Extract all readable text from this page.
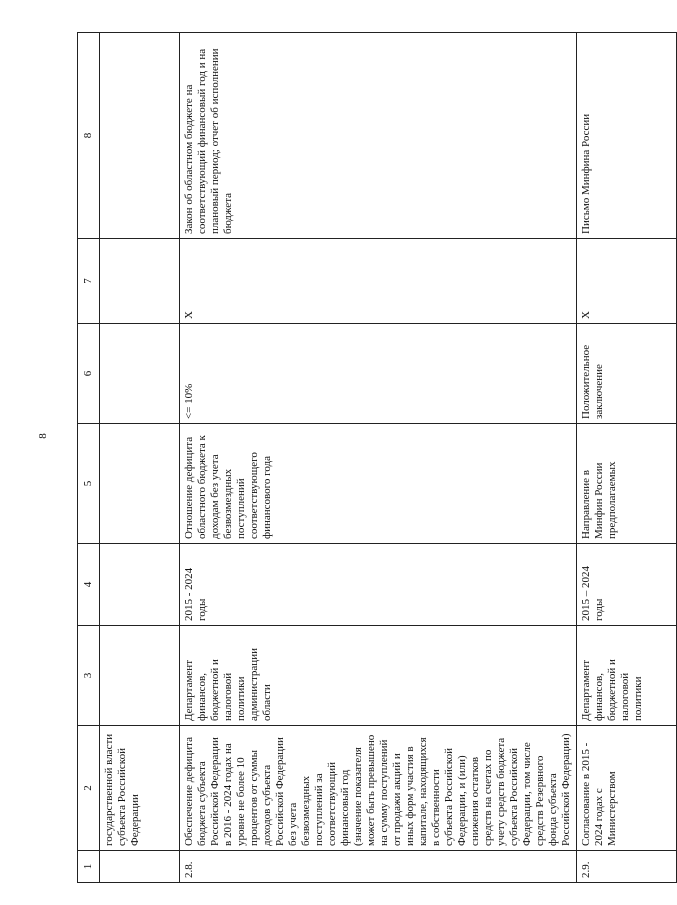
8
1	2	3	4	5	6	7	8
	государственной власти субъекта Российской Федерации						
2.8.	Обеспечение дефицита бюджета субъекта Российской Федерации в 2016 - 2024 годах на уровне не более 10 процентов от суммы доходов субъекта Российской Федерации без учета безвозмездных поступлений за соответствующий финансовый год (значение показателя может быть превышено на сумму поступлений от продажи акций и иных форм участия в капитале, находящихся в собственности субъекта Российской Федерации, и (или) снижения остатков средств на счетах по учету средств бюджета субъекта Российской Федерации, том числе средств Резервного фонда субъекта Российской Федерации)	Департамент финансов, бюджетной и налоговой политики администрации области	2015 - 2024 годы	Отношение дефицита областного бюджета к доходам без учета безвозмездных поступлений соответствующего финансового года	<= 10%	X	Закон об областном бюджете на соответствующий финансовый год и на плановый период; отчет об исполнении бюджета
2.9.	Согласование в 2015 - 2024 годах с Министерством	Департамент финансов, бюджетной и налоговой политики	2015 – 2024 годы	Направление в Минфин России предполагаемых	Положительное заключение	X	Письмо Минфина России
